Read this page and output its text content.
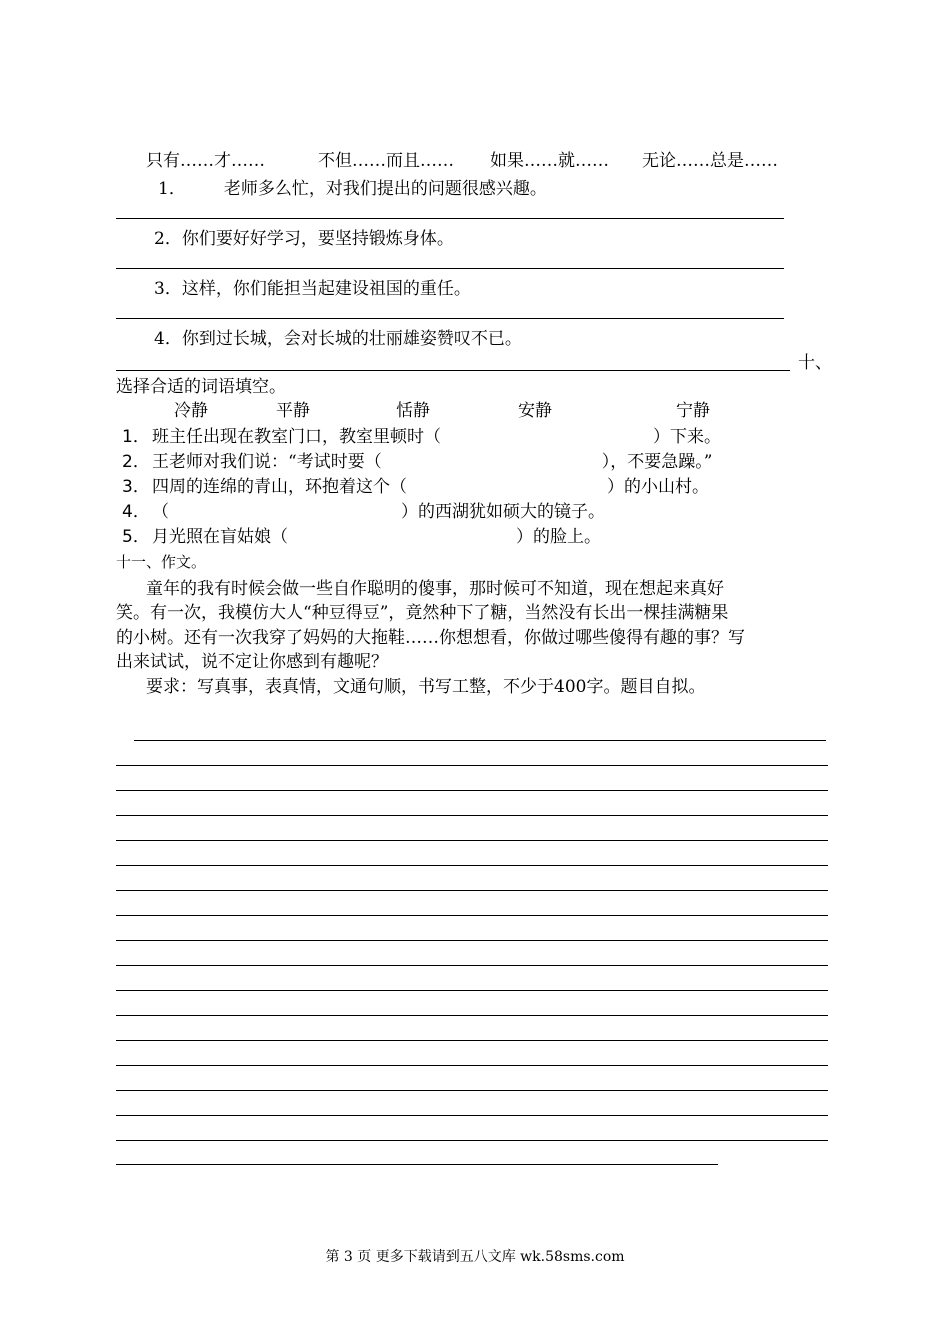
只有……才……	不但……而且…… 如果……就…… 无论……总是……
1． 老师多么忙，对我们提出的问题很感兴趣。
2．你们要好好学习，要坚持锻炼身体。
3．这样，你们能担当起建设祖国的重任。
4．你到过长城，会对长城的壮丽雄姿赞叹不已。
十、
选择合适的词语填空。
冷静	平静	恬静	安静	宁静
1． 班主任出现在教室门口，教室里顿时（	）下来。
2． 王老师对我们说：“考试时要（	），不要急躁。”
3． 四周的连绵的青山，环抱着这个（	）的小山村。
4． （	）的西湖犹如硕大的镜子。
5． 月光照在盲姑娘（	）的脸上。
十一、作文。
童年的我有时候会做一些自作聪明的傻事，那时候可不知道，现在想起来真好
笑。有一次，我模仿大人“种豆得豆”，竟然种下了糖，当然没有长出一棵挂满糖果
的小树。还有一次我穿了妈妈的大拖鞋……你想想看，你做过哪些傻得有趣的事？写
出来试试，说不定让你感到有趣呢？
要求：写真事，表真情，文通句顺，书写工整，不少于400字。题目自拟。
第 3 页 更多下载请到五八文库 wk.58sms.com
